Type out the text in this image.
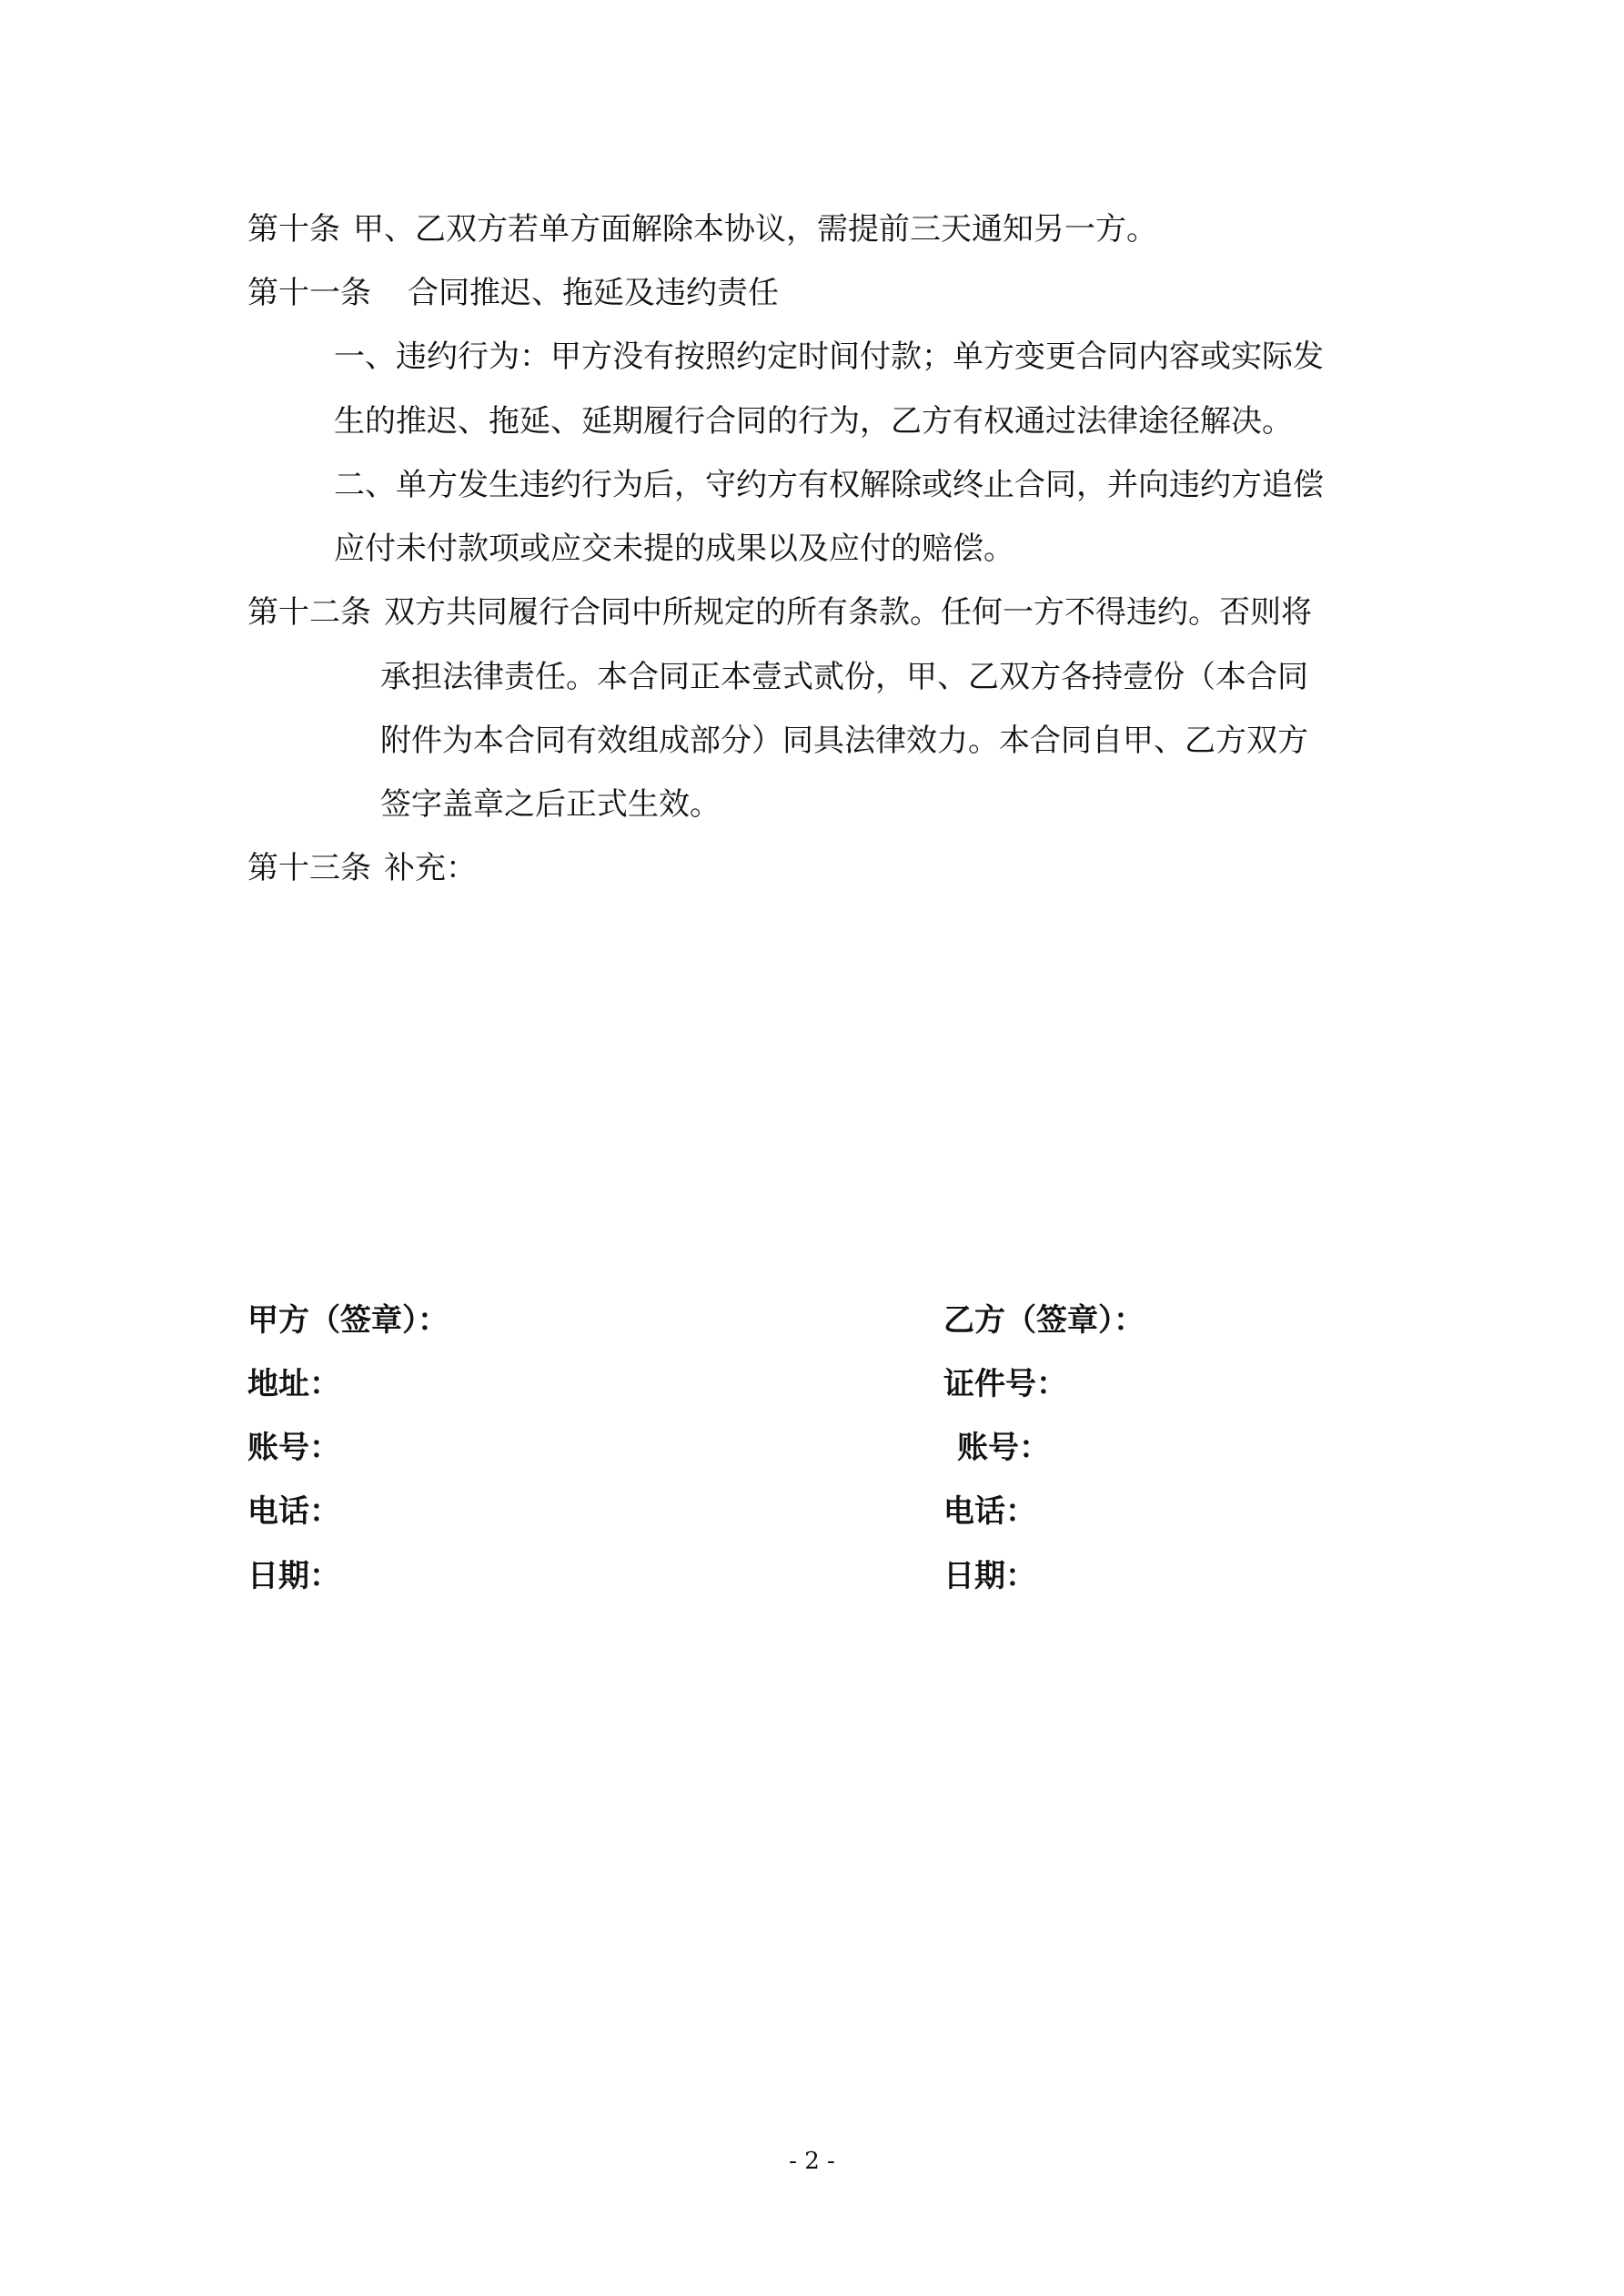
第十条 甲、乙双方若单方面解除本协议，需提前三天通知另一方。
第十一条 合同推迟、拖延及违约责任
一、违约行为：甲方没有按照约定时间付款；单方变更合同内容或实际发
生的推迟、拖延、延期履行合同的行为，乙方有权通过法律途径解决。
二、单方发生违约行为后，守约方有权解除或终止合同，并向违约方追偿
应付未付款项或应交未提的成果以及应付的赔偿。
第十二条 双方共同履行合同中所规定的所有条款。任何一方不得违约。否则将
承担法律责任。本合同正本壹式贰份，甲、乙双方各持壹份（本合同
附件为本合同有效组成部分）同具法律效力。本合同自甲、乙方双方
签字盖章之后正式生效。
第十三条 补充：
甲方（签章）：
地址：
账号：
电话：
日期：
乙方（签章）：
证件号：
账号：
电话：
日期：
- 2 -
